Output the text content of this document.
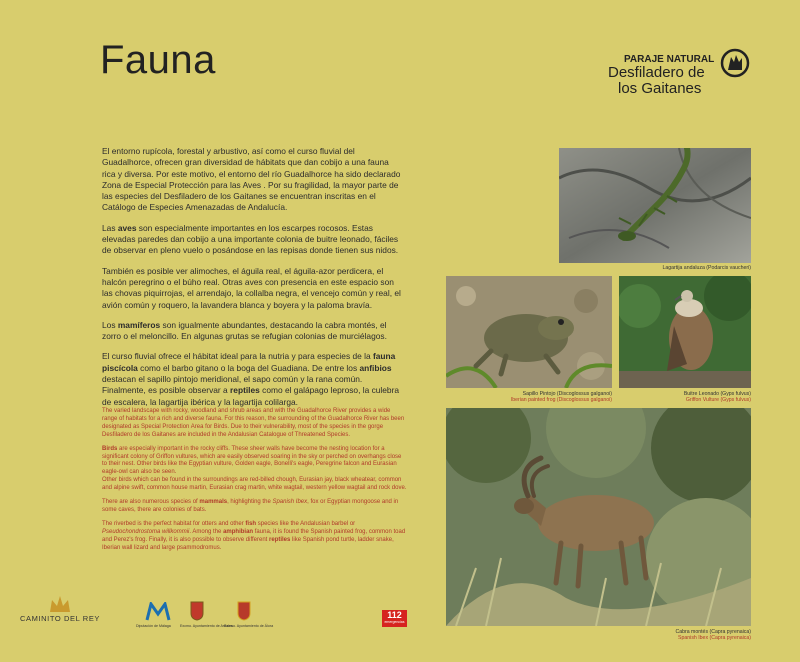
Fauna	PARAJE NATURAL
Desfiladero de
los Gaitanes

El entorno rupícola, forestal y arbustivo, así como el curso fluvial del Guadalhorce, ofrecen gran diversidad de hábitats que dan cobijo a una fauna rica y diversa. Por este motivo, el entorno del río Guadalhorce ha sido declarado Zona de Especial Protección para las Aves . Por su fragilidad, la mayor parte de las especies del Desfiladero de los Gaitanes se encuentran inscritas en el Catálogo de Especies Amenazadas de Andalucía.

Las aves son especialmente importantes en los escarpes rocosos. Estas elevadas paredes dan cobijo a una importante colonia de buitre leonado, fáciles de observar en pleno vuelo o posándose en las repisas donde tienen sus nidos.

También es posible ver alimoches, el águila real, el águila-azor perdicera, el halcón peregrino o el búho real. Otras aves con presencia en este espacio son las chovas piquirrojas, el arrendajo, la collalba negra, el vencejo común y real, el avión común y roquero, la lavandera blanca y boyera y la paloma bravía.

Los mamíferos son igualmente abundantes, destacando la cabra montés, el zorro o el meloncillo. En algunas grutas se refugian colonias de murciélagos.

El curso fluvial ofrece el hábitat ideal para la nutria y para especies de la fauna piscícola como el barbo gitano o la boga del Guadiana. De entre los anfibios destacan el sapillo pintojo meridional, el sapo común y la rana común. Finalmente, es posible observar a reptiles como el galápago leproso, la culebra de escalera, la lagartija ibérica y la lagartija colilarga.

The varied landscape with rocky, woodland and shrub areas and with the Guadalhorce River provides a wide range of habitats for a rich and diverse fauna. For this reason, the surrounding of the Guadalhorce River has been designated as Special Protection Area for Birds. Due to their vulnerability, most of the species in the gorge Desfiladero de los Gaitanes are included in the Andalusian Catalogue of Threatened Species.

Birds are especially important in the rocky cliffs. These sheer walls have become the nesting location for a significant colony of Griffon vultures, which are easily observed soaring in the sky or perched on overhangs close to their nest. Other birds like the Egyptian vulture, Golden eagle, Bonelli's eagle, Peregrine falcon and Eurasian eagle-owl can also be seen.

Other birds which can be found in the surroundings are red-billed chough, Eurasian jay, black wheatear, common and alpine swift, common house martin, Eurasian crag martin, white wagtail, western yellow wagtail and rock dove.

There are also numerous species of mammals, highlighting the Spanish Ibex, fox or Egyptian mongoose and in some caves, there are colonies of bats.

The riverbed is the perfect habitat for otters and other fish species like the Andalusian barbel or Pseudochondrostoma willkommii. Among the amphibian fauna, it is found the Spanish painted frog, common toad and Perez's frog. Finally, it is also possible to observe different reptiles like Spanish pond turtle, ladder snake, Iberian wall lizard and large psammodromus.

Lagartija andaluza (Podarcis vaucheri)
Sapillo Pintojo (Discoglossus galganoi)
Iberian painted frog (Discoglossus galganoi)
Buitre Leonado (Gyps fulvus)
Griffon Vulture (Gyps fulvus)
Cabra montés (Capra pyrenaica)
Spanish Ibex (Capra pyrenaica)
CAMINITO DEL REY
Diputación de Málaga	Excmo. Ayuntamiento de Ardales
Excmo. Ayuntamiento de Álora
112
emergencias
